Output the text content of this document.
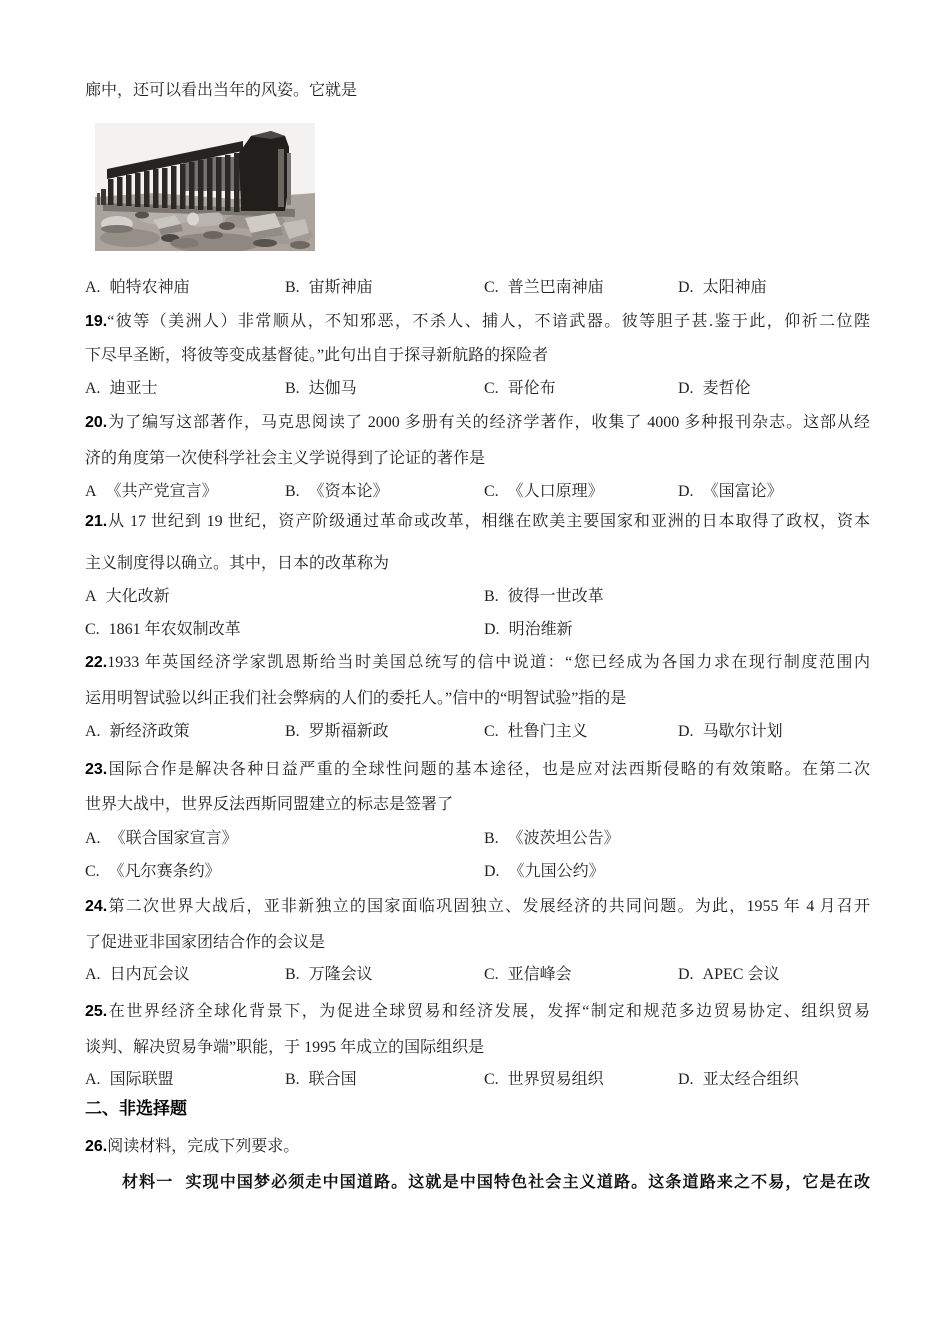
廊中，还可以看出当年的风姿。它就是
A. 帕特农神庙	B. 宙斯神庙	C. 普兰巴南神庙	D. 太阳神庙
19.“彼等（美洲人）非常顺从，不知邪恶，不杀人、捕人，不谙武器。彼等胆子甚.鉴于此，仰祈二位陛
下尽早圣断，将彼等变成基督徒。”此句出自于探寻新航路的探险者
A. 迪亚士	B. 达伽马	C. 哥伦布	D. 麦哲伦
20.为了编写这部著作，马克思阅读了 2000 多册有关的经济学著作，收集了 4000 多种报刊杂志。这部从经
济的角度第一次使科学社会主义学说得到了论证的著作是
A 《共产党宣言》	B. 《资本论》	C. 《人口原理》	D. 《国富论》
21.从 17 世纪到 19 世纪，资产阶级通过革命或改革，相继在欧美主要国家和亚洲的日本取得了政权，资本
主义制度得以确立。其中，日本的改革称为
A 大化改新	B. 彼得一世改革
C. 1861 年农奴制改革	D. 明治维新
22.1933 年英国经济学家凯恩斯给当时美国总统写的信中说道：“您已经成为各国力求在现行制度范围内
运用明智试验以纠正我们社会弊病的人们的委托人。”信中的“明智试验”指的是
A. 新经济政策	B. 罗斯福新政	C. 杜鲁门主义	D. 马歇尔计划
23.国际合作是解决各种日益严重的全球性问题的基本途径，也是应对法西斯侵略的有效策略。在第二次
世界大战中，世界反法西斯同盟建立的标志是签署了
A. 《联合国家宣言》	B. 《波茨坦公告》
C. 《凡尔赛条约》	D. 《九国公约》
24.第二次世界大战后，亚非新独立的国家面临巩固独立、发展经济的共同问题。为此，1955 年 4 月召开
了促进亚非国家团结合作的会议是
A. 日内瓦会议	B. 万隆会议	C. 亚信峰会	D. APEC 会议
25.在世界经济全球化背景下，为促进全球贸易和经济发展，发挥“制定和规范多边贸易协定、组织贸易
谈判、解决贸易争端”职能，于 1995 年成立的国际组织是
A. 国际联盟	B. 联合国	C. 世界贸易组织	D. 亚太经合组织
二、非选择题
26.阅读材料，完成下列要求。
材料一 实现中国梦必须走中国道路。这就是中国特色社会主义道路。这条道路来之不易，它是在改
